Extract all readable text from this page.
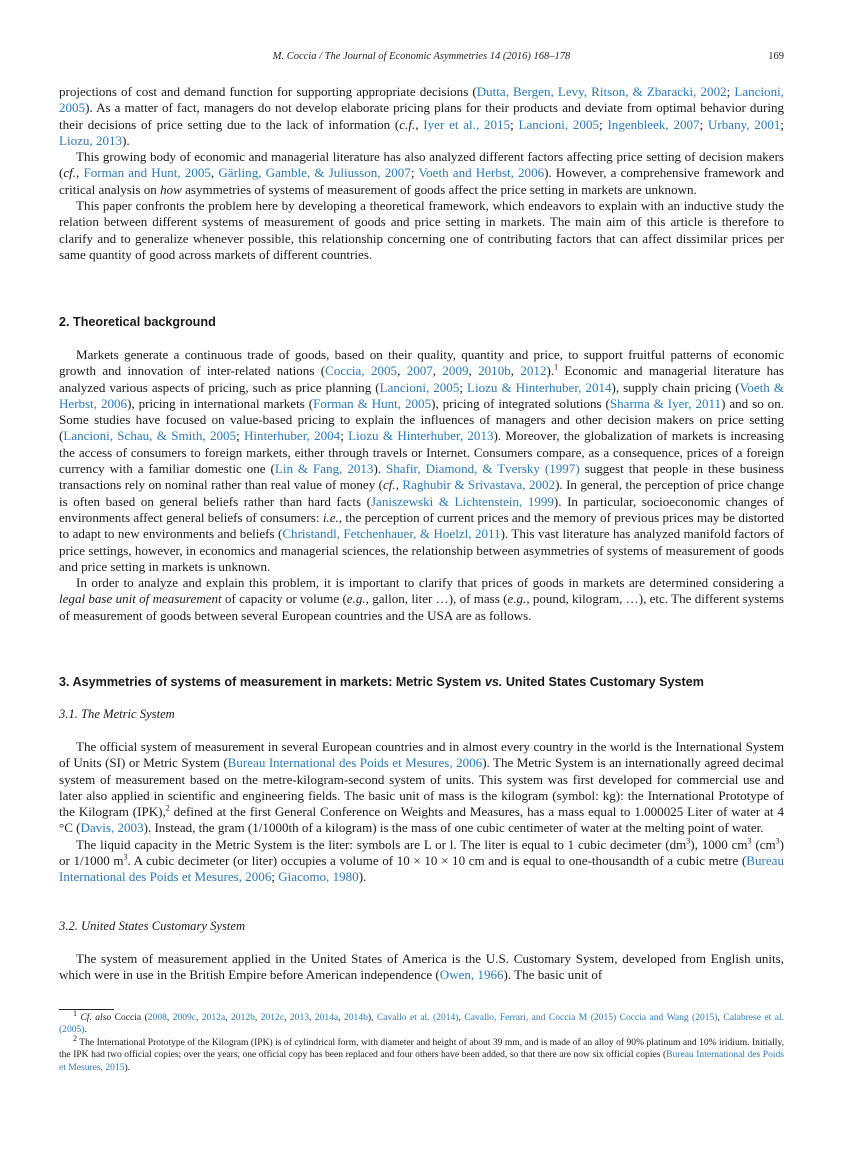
M. Coccia / The Journal of Economic Asymmetries 14 (2016) 168–178	169

projections of cost and demand function for supporting appropriate decisions (Dutta, Bergen, Levy, Ritson, & Zbaracki, 2002; Lancioni, 2005). As a matter of fact, managers do not develop elaborate pricing plans for their products and deviate from optimal behavior during their decisions of price setting due to the lack of information (c.f., Iyer et al., 2015; Lancioni, 2005; Ingenbleek, 2007; Urbany, 2001; Liozu, 2013).

This growing body of economic and managerial literature has also analyzed different factors affecting price setting of decision makers (cf., Forman and Hunt, 2005, Gärling, Gamble, & Juliusson, 2007; Voeth and Herbst, 2006). However, a comprehensive framework and critical analysis on how asymmetries of systems of measurement of goods affect the price setting in markets are unknown.

This paper confronts the problem here by developing a theoretical framework, which endeavors to explain with an inductive study the relation between different systems of measurement of goods and price setting in markets. The main aim of this article is therefore to clarify and to generalize whenever possible, this relationship concerning one of contributing factors that can affect dissimilar prices per same quantity of good across markets of different countries.

2. Theoretical background

Markets generate a continuous trade of goods, based on their quality, quantity and price, to support fruitful patterns of economic growth and innovation of inter-related nations (Coccia, 2005, 2007, 2009, 2010b, 2012).$^1$ Economic and managerial literature has analyzed various aspects of pricing, such as price planning (Lancioni, 2005; Liozu & Hinterhuber, 2014), supply chain pricing (Voeth & Herbst, 2006), pricing in international markets (Forman & Hunt, 2005), pricing of integrated solutions (Sharma & Iyer, 2011) and so on. Some studies have focused on value-based pricing to explain the influences of managers and other decision makers on price setting (Lancioni, Schau, & Smith, 2005; Hinterhuber, 2004; Liozu & Hinterhuber, 2013). Moreover, the globalization of markets is increasing the access of consumers to foreign markets, either through travels or Internet. Consumers compare, as a consequence, prices of a foreign currency with a familiar domestic one (Lin & Fang, 2013). Shafir, Diamond, & Tversky (1997) suggest that people in these business transactions rely on nominal rather than real value of money (cf., Raghubir & Srivastava, 2002). In general, the perception of price change is often based on general beliefs rather than hard facts (Janiszewski & Lichtenstein, 1999). In particular, socioeconomic changes of environments affect general beliefs of consumers: i.e., the perception of current prices and the memory of previous prices may be distorted to adapt to new environments and beliefs (Christandl, Fetchenhauer, & Hoelzl, 2011). This vast literature has analyzed manifold factors of price settings, however, in economics and managerial sciences, the relationship between asymmetries of systems of measurement of goods and price setting in markets is unknown.

In order to analyze and explain this problem, it is important to clarify that prices of goods in markets are determined considering a legal base unit of measurement of capacity or volume (e.g., gallon, liter …), of mass (e.g., pound, kilogram, …), etc. The different systems of measurement of goods between several European countries and the USA are as follows.

3. Asymmetries of systems of measurement in markets: Metric System vs. United States Customary System
3.1. The Metric System

The official system of measurement in several European countries and in almost every country in the world is the International System of Units (SI) or Metric System (Bureau International des Poids et Mesures, 2006). The Metric System is an internationally agreed decimal system of measurement based on the metre-kilogram-second system of units. This system was first developed for commercial use and later also applied in scientific and engineering fields. The basic unit of mass is the kilogram (symbol: kg): the International Prototype of the Kilogram (IPK),$^2$ defined at the first General Conference on Weights and Measures, has a mass equal to 1.000025 Liter of water at 4 °C (Davis, 2003). Instead, the gram (1/1000th of a kilogram) is the mass of one cubic centimeter of water at the melting point of water.

The liquid capacity in the Metric System is the liter: symbols are L or l. The liter is equal to 1 cubic decimeter $(dm^3)$, 1000 $cm^3$ $(cm^3)$ or 1/1000 $m^3$. A cubic decimeter (or liter) occupies a volume of 10 × 10 × 10 cm and is equal to one-thousandth of a cubic metre (Bureau International des Poids et Mesures, 2006; Giacomo, 1980).

3.2. United States Customary System

The system of measurement applied in the United States of America is the U.S. Customary System, developed from English units, which were in use in the British Empire before American independence (Owen, 1966). The basic unit of

$^1$ Cf. also Coccia (2008, 2009c, 2012a, 2012b, 2012c, 2013, 2014a, 2014b), Cavallo et al. (2014), Cavallo, Ferrari, and Coccia M (2015) Coccia and Wang (2015), Calabrese et al. (2005).

$^2$ The International Prototype of the Kilogram (IPK) is of cylindrical form, with diameter and height of about 39 mm, and is made of an alloy of 90% platinum and 10% iridium. Initially, the IPK had two official copies; over the years, one official copy has been replaced and four others have been added, so that there are now six official copies (Bureau International des Poids et Mesures, 2015).
